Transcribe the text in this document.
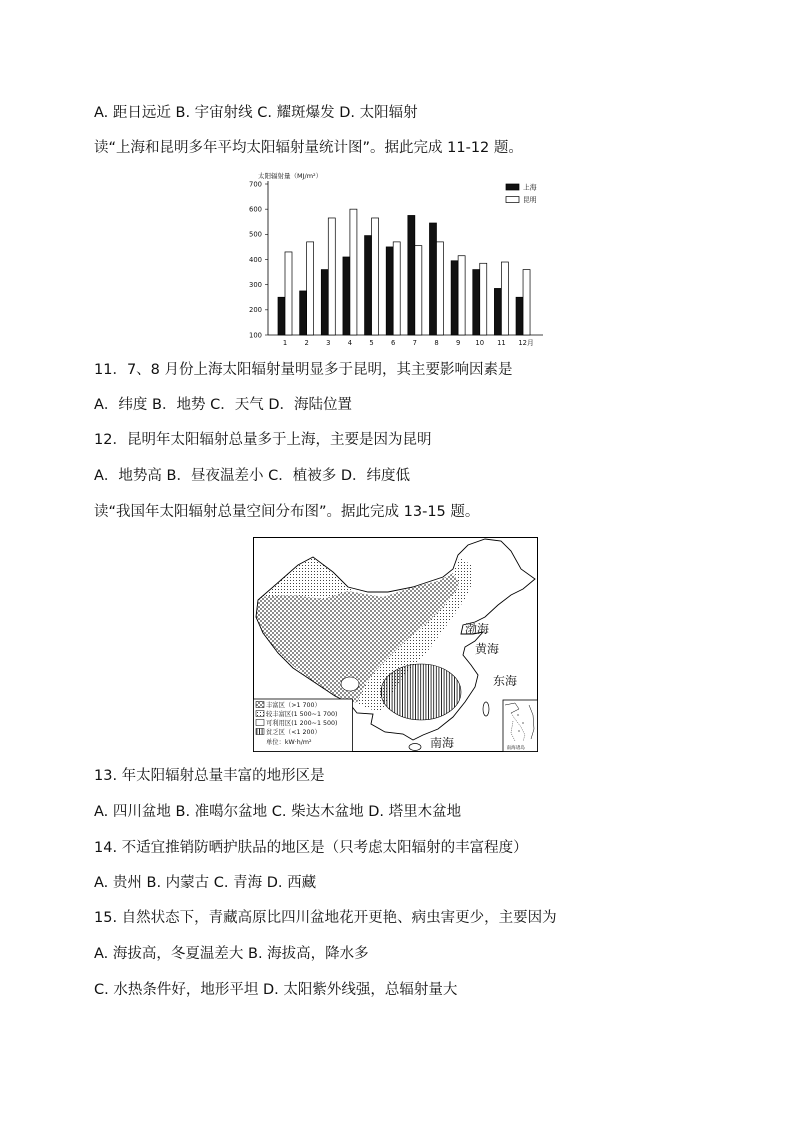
A. 距日远近 B. 宇宙射线 C. 耀斑爆发 D. 太阳辐射
读“上海和昆明多年平均太阳辐射量统计图”。据此完成 11-12 题。
太阳辐射量（MJ/m²）
100
200
300
400
500
600
700
1	2	3	4	5	6	7	8	9 10 11 12月
上海
昆明
11．7、8 月份上海太阳辐射量明显多于昆明，其主要影响因素是
A．纬度 B．地势 C．天气 D．海陆位置
12．昆明年太阳辐射总量多于上海，主要是因为昆明
A．地势高 B．昼夜温差小 C．植被多 D．纬度低
读“我国年太阳辐射总量空间分布图”。据此完成 13-15 题。
渤海
黄海
东海
南海
丰富区（>1 700）
较丰富区(1 500~1 700)
可利用区(1 200~1 500)
贫乏区（<1 200）
单位：kW·h/m²
南海诸岛
13. 年太阳辐射总量丰富的地形区是
A. 四川盆地 B. 准噶尔盆地 C. 柴达木盆地 D. 塔里木盆地
14. 不适宜推销防晒护肤品的地区是（只考虑太阳辐射的丰富程度）
A. 贵州 B. 内蒙古 C. 青海 D. 西藏
15. 自然状态下，青藏高原比四川盆地花开更艳、病虫害更少，主要因为
A. 海拔高，冬夏温差大 B. 海拔高，降水多
C. 水热条件好，地形平坦 D. 太阳紫外线强，总辐射量大
